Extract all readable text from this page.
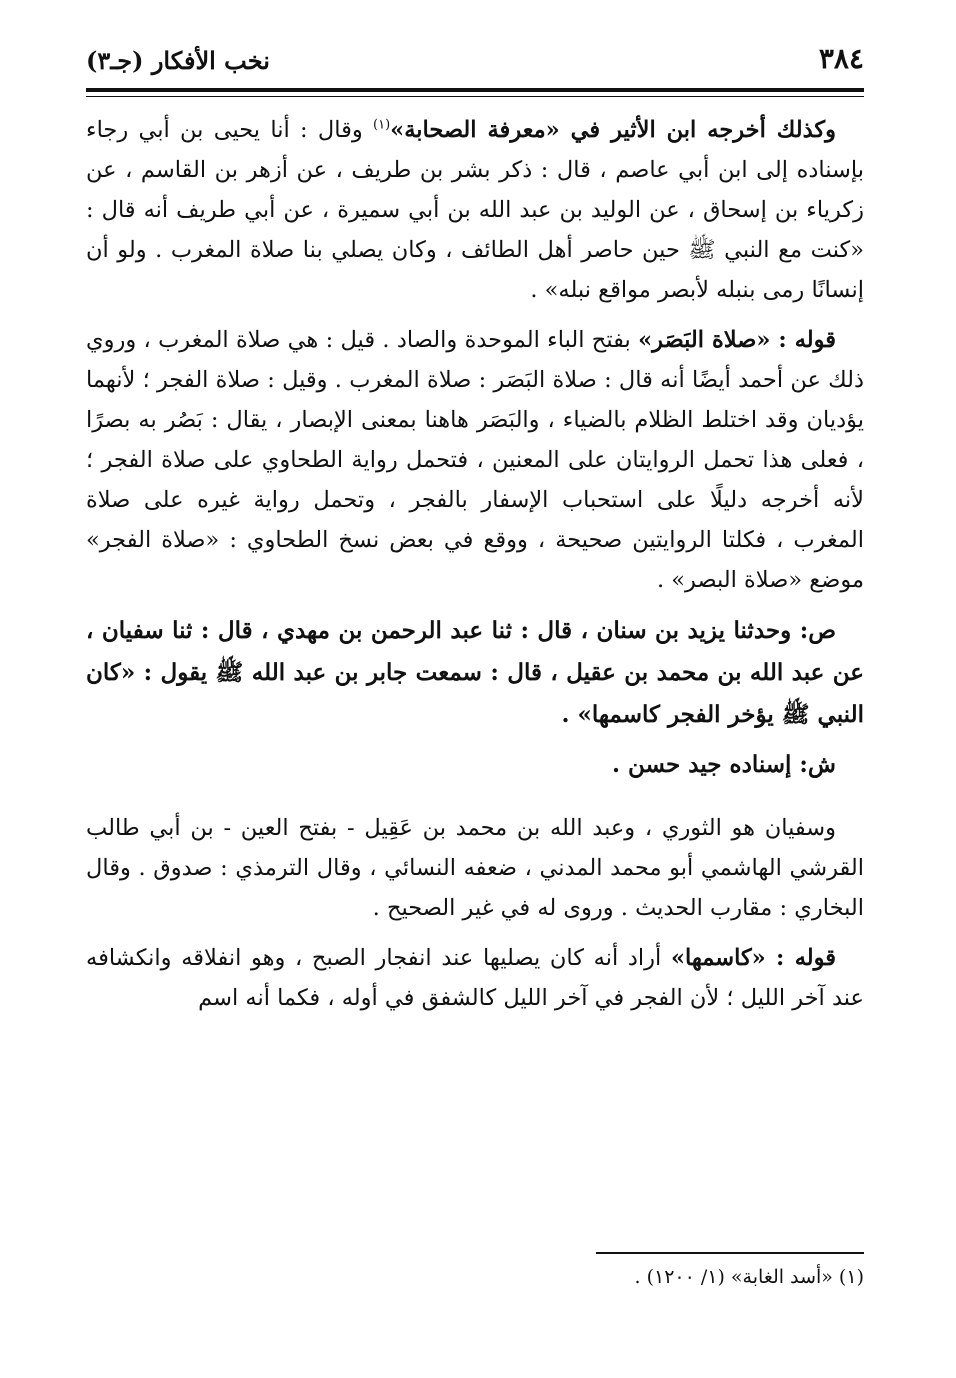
٣٨٤
نخب الأفكار (جـ٣)

وكذلك أخرجه ابن الأثير في «معرفة الصحابة»$^{(١)}$ وقال : أنا يحيى بن أبي رجاء بإسناده إلى ابن أبي عاصم ، قال : ذكر بشر بن طريف ، عن أزهر بن القاسم ، عن زكرياء بن إسحاق ، عن الوليد بن عبد الله بن أبي سميرة ، عن أبي طريف أنه قال : «كنت مع النبي ﷺ حين حاصر أهل الطائف ، وكان يصلي بنا صلاة المغرب . ولو أن إنسانًا رمى بنبله لأبصر مواقع نبله» .

قوله : «صلاة البَصَر» بفتح الباء الموحدة والصاد . قيل : هي صلاة المغرب ، وروي ذلك عن أحمد أيضًا أنه قال : صلاة البَصَر : صلاة المغرب . وقيل : صلاة الفجر ؛ لأنهما يؤديان وقد اختلط الظلام بالضياء ، والبَصَر هاهنا بمعنى الإبصار ، يقال : بَصُر به بصرًا ، فعلى هذا تحمل الروايتان على المعنين ، فتحمل رواية الطحاوي على صلاة الفجر ؛ لأنه أخرجه دليلًا على استحباب الإسفار بالفجر ، وتحمل رواية غيره على صلاة المغرب ، فكلتا الروايتين صحيحة ، ووقع في بعض نسخ الطحاوي : «صلاة الفجر» موضع «صلاة البصر» .

ص: وحدثنا يزيد بن سنان ، قال : ثنا عبد الرحمن بن مهدي ، قال : ثنا سفيان ، عن عبد الله بن محمد بن عقيل ، قال : سمعت جابر بن عبد الله ﷺ يقول : «كان النبي ﷺ يؤخر الفجر كاسمها» .

ش: إسناده جيد حسن .

وسفيان هو الثوري ، وعبد الله بن محمد بن عَقِيل - بفتح العين - بن أبي طالب القرشي الهاشمي أبو محمد المدني ، ضعفه النسائي ، وقال الترمذي : صدوق . وقال البخاري : مقارب الحديث . وروى له في غير الصحيح .

قوله : «كاسمها» أراد أنه كان يصليها عند انفجار الصبح ، وهو انفلاقه وانكشافه عند آخر الليل ؛ لأن الفجر في آخر الليل كالشفق في أوله ، فكما أنه اسم

(١) «أسد الغابة» (١/ ١٢٠٠) .
